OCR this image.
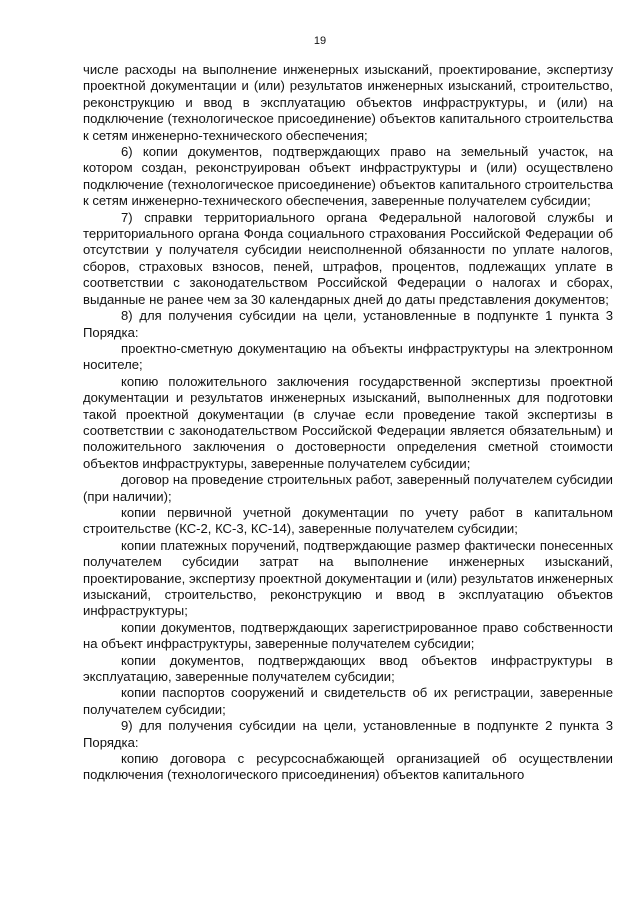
19

числе расходы на выполнение инженерных изысканий, проектирование, экспертизу проектной документации и (или) результатов инженерных изысканий, строительство, реконструкцию и ввод в эксплуатацию объектов инфраструктуры, и (или) на подключение (технологическое присоединение) объектов капитального строительства к сетям инженерно-технического обеспечения;

6) копии документов, подтверждающих право на земельный участок, на котором создан, реконструирован объект инфраструктуры и (или) осуществлено подключение (технологическое присоединение) объектов капитального строительства к сетям инженерно-технического обеспечения, заверенные получателем субсидии;

7) справки территориального органа Федеральной налоговой службы и территориального органа Фонда социального страхования Российской Федерации об отсутствии у получателя субсидии неисполненной обязанности по уплате налогов, сборов, страховых взносов, пеней, штрафов, процентов, подлежащих уплате в соответствии с законодательством Российской Федерации о налогах и сборах, выданные не ранее чем за 30 календарных дней до даты представления документов;

8) для получения субсидии на цели, установленные в подпункте 1 пункта 3 Порядка:

проектно-сметную документацию на объекты инфраструктуры на электронном носителе;

копию положительного заключения государственной экспертизы проектной документации и результатов инженерных изысканий, выполненных для подготовки такой проектной документации (в случае если проведение такой экспертизы в соответствии с законодательством Российской Федерации является обязательным) и положительного заключения о достоверности определения сметной стоимости объектов инфраструктуры, заверенные получателем субсидии;

договор на проведение строительных работ, заверенный получателем субсидии (при наличии);

копии первичной учетной документации по учету работ в капитальном строительстве (КС-2, КС-3, КС-14), заверенные получателем субсидии;

копии платежных поручений, подтверждающие размер фактически понесенных получателем субсидии затрат на выполнение инженерных изысканий, проектирование, экспертизу проектной документации и (или) результатов инженерных изысканий, строительство, реконструкцию и ввод в эксплуатацию объектов инфраструктуры;

копии документов, подтверждающих зарегистрированное право собственности на объект инфраструктуры, заверенные получателем субсидии;

копии документов, подтверждающих ввод объектов инфраструктуры в эксплуатацию, заверенные получателем субсидии;

копии паспортов сооружений и свидетельств об их регистрации, заверенные получателем субсидии;

9) для получения субсидии на цели, установленные в подпункте 2 пункта 3 Порядка:

копию договора с ресурсоснабжающей организацией об осуществлении подключения (технологического присоединения) объектов капитального
